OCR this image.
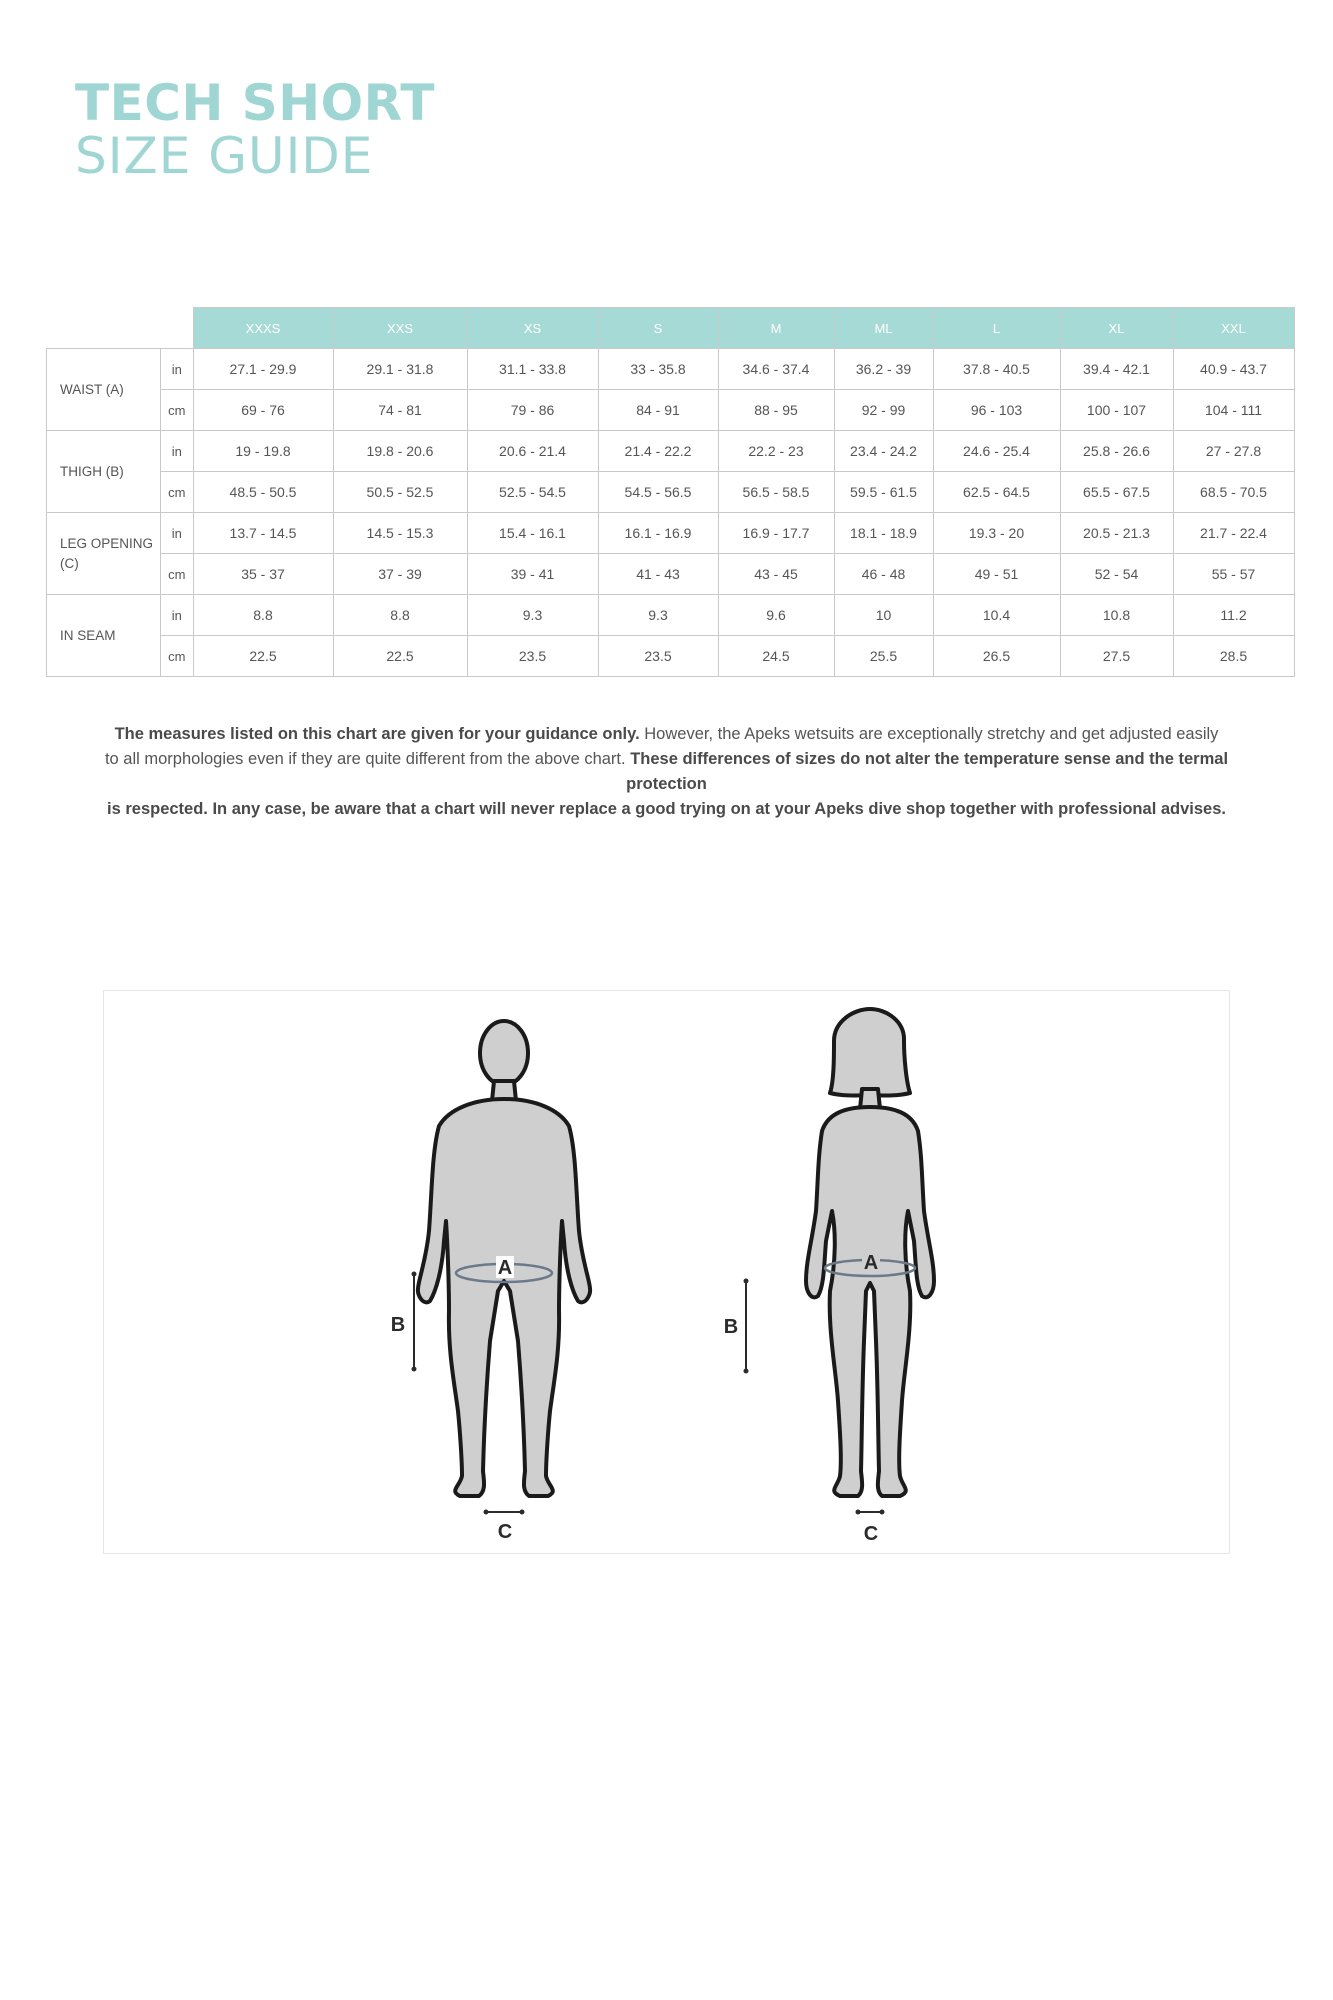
TECH SHORT
SIZE GUIDE
		XXXS	XXS	XS	S	M	ML	L	XL	XXL
WAIST (A)	in	27.1 - 29.9	29.1 - 31.8	31.1 - 33.8	33 - 35.8	34.6 - 37.4	36.2 - 39	37.8 - 40.5	39.4 - 42.1	40.9 - 43.7
	cm	69 - 76	74 - 81	79 - 86	84 - 91	88 - 95	92 - 99	96 - 103	100 - 107	104 - 111
THIGH (B)	in	19 - 19.8	19.8 - 20.6	20.6 - 21.4	21.4 - 22.2	22.2 - 23	23.4 - 24.2	24.6 - 25.4	25.8 - 26.6	27 - 27.8
	cm	48.5 - 50.5	50.5 - 52.5	52.5 - 54.5	54.5 - 56.5	56.5 - 58.5	59.5 - 61.5	62.5 - 64.5	65.5 - 67.5	68.5 - 70.5
LEG OPENING (C)	in	13.7 - 14.5	14.5 - 15.3	15.4 - 16.1	16.1 - 16.9	16.9 - 17.7	18.1 - 18.9	19.3 - 20	20.5 - 21.3	21.7 - 22.4
	cm	35 - 37	37 - 39	39 - 41	41 - 43	43 - 45	46 - 48	49 - 51	52 - 54	55 - 57
IN SEAM	in	8.8	8.8	9.3	9.3	9.6	10	10.4	10.8	11.2
	cm	22.5	22.5	23.5	23.5	24.5	25.5	26.5	27.5	28.5
The measures listed on this chart are given for your guidance only. However, the Apeks wetsuits are exceptionally stretchy and get adjusted easily
to all morphologies even if they are quite different from the above chart. These differences of sizes do not alter the temperature sense and the termal protection
is respected. In any case, be aware that a chart will never replace a good trying on at your Apeks dive shop together with professional advises.
A
B
C
A
B
C
